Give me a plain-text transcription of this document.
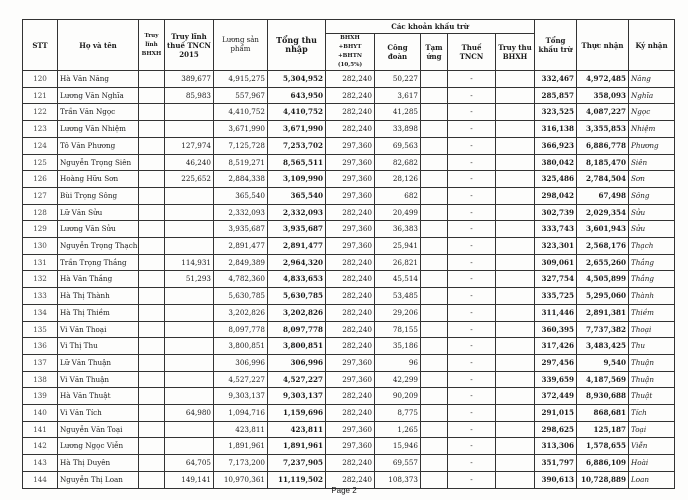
STT	Họ và tên	Truy lĩnh BHXH	Truy lĩnh thuế TNCN 2015	Lương sản phẩm	Tổng thu nhập	Các khoản khấu trừ					Tổng khấu trừ	Thực nhận	Ký nhận
						BHXH +BHYT +BHTN (10,5%)	Công đoàn	Tạm ứng	Thuế TNCN	Truy thu BHXH			
120	Hà Văn Năng		389,677	4,915,275	5,304,952	282,240	50,227		-		332,467	4,972,485	Năng
121	Lương Văn Nghĩa		85,983	557,967	643,950	282,240	3,617		-		285,857	358,093	Nghĩa
122	Trần Văn Ngọc			4,410,752	4,410,752	282,240	41,285		-		323,525	4,087,227	Ngọc
123	Lương Văn Nhiệm			3,671,990	3,671,990	282,240	33,898		-		316,138	3,355,853	Nhiệm
124	Tô Văn Phương		127,974	7,125,728	7,253,702	297,360	69,563		-		366,923	6,886,778	Phương
125	Nguyễn Trọng Siên		46,240	8,519,271	8,565,511	297,360	82,682		-		380,042	8,185,470	Siên
126	Hoàng Hữu Sơn		225,652	2,884,338	3,109,990	297,360	28,126		-		325,486	2,784,504	Sơn
127	Bùi Trọng Sông			365,540	365,540	297,360	682		-		298,042	67,498	Sông
128	Lữ Văn Sửu			2,332,093	2,332,093	282,240	20,499		-		302,739	2,029,354	Sửu
129	Lương Văn Sửu			3,935,687	3,935,687	297,360	36,383		-		333,743	3,601,943	Sửu
130	Nguyễn Trọng Thạch			2,891,477	2,891,477	297,360	25,941		-		323,301	2,568,176	Thạch
131	Trần Trọng Thắng		114,931	2,849,389	2,964,320	282,240	26,821		-		309,061	2,655,260	Thắng
132	Hà Văn Thắng		51,293	4,782,360	4,833,653	282,240	45,514		-		327,754	4,505,899	Thắng
133	Hà Thị Thành			5,630,785	5,630,785	282,240	53,485		-		335,725	5,295,060	Thành
134	Hà Thị Thiềm			3,202,826	3,202,826	282,240	29,206		-		311,446	2,891,381	Thiềm
135	Vi Văn Thoại			8,097,778	8,097,778	282,240	78,155		-		360,395	7,737,382	Thoại
136	Vi Thị Thu			3,800,851	3,800,851	282,240	35,186		-		317,426	3,483,425	Thu
137	Lữ Văn Thuận			306,996	306,996	297,360	96		-		297,456	9,540	Thuận
138	Vi Văn Thuận			4,527,227	4,527,227	297,360	42,299		-		339,659	4,187,569	Thuận
139	Hà Văn Thuật			9,303,137	9,303,137	282,240	90,209		-		372,449	8,930,688	Thuật
140	Vi Văn Tích		64,980	1,094,716	1,159,696	282,240	8,775		-		291,015	868,681	Tích
141	Nguyễn Văn Toại			423,811	423,811	297,360	1,265		-		298,625	125,187	Toại
142	Lương Ngọc Viễn			1,891,961	1,891,961	297,360	15,946		-		313,306	1,578,655	Viễn
143	Hà Thị Duyên		64,705	7,173,200	7,237,905	282,240	69,557		-		351,797	6,886,109	Hoài
144	Nguyễn Thị Loan		149,141	10,970,361	11,119,502	282,240	108,373		-		390,613	10,728,889	Loan
Page 2
